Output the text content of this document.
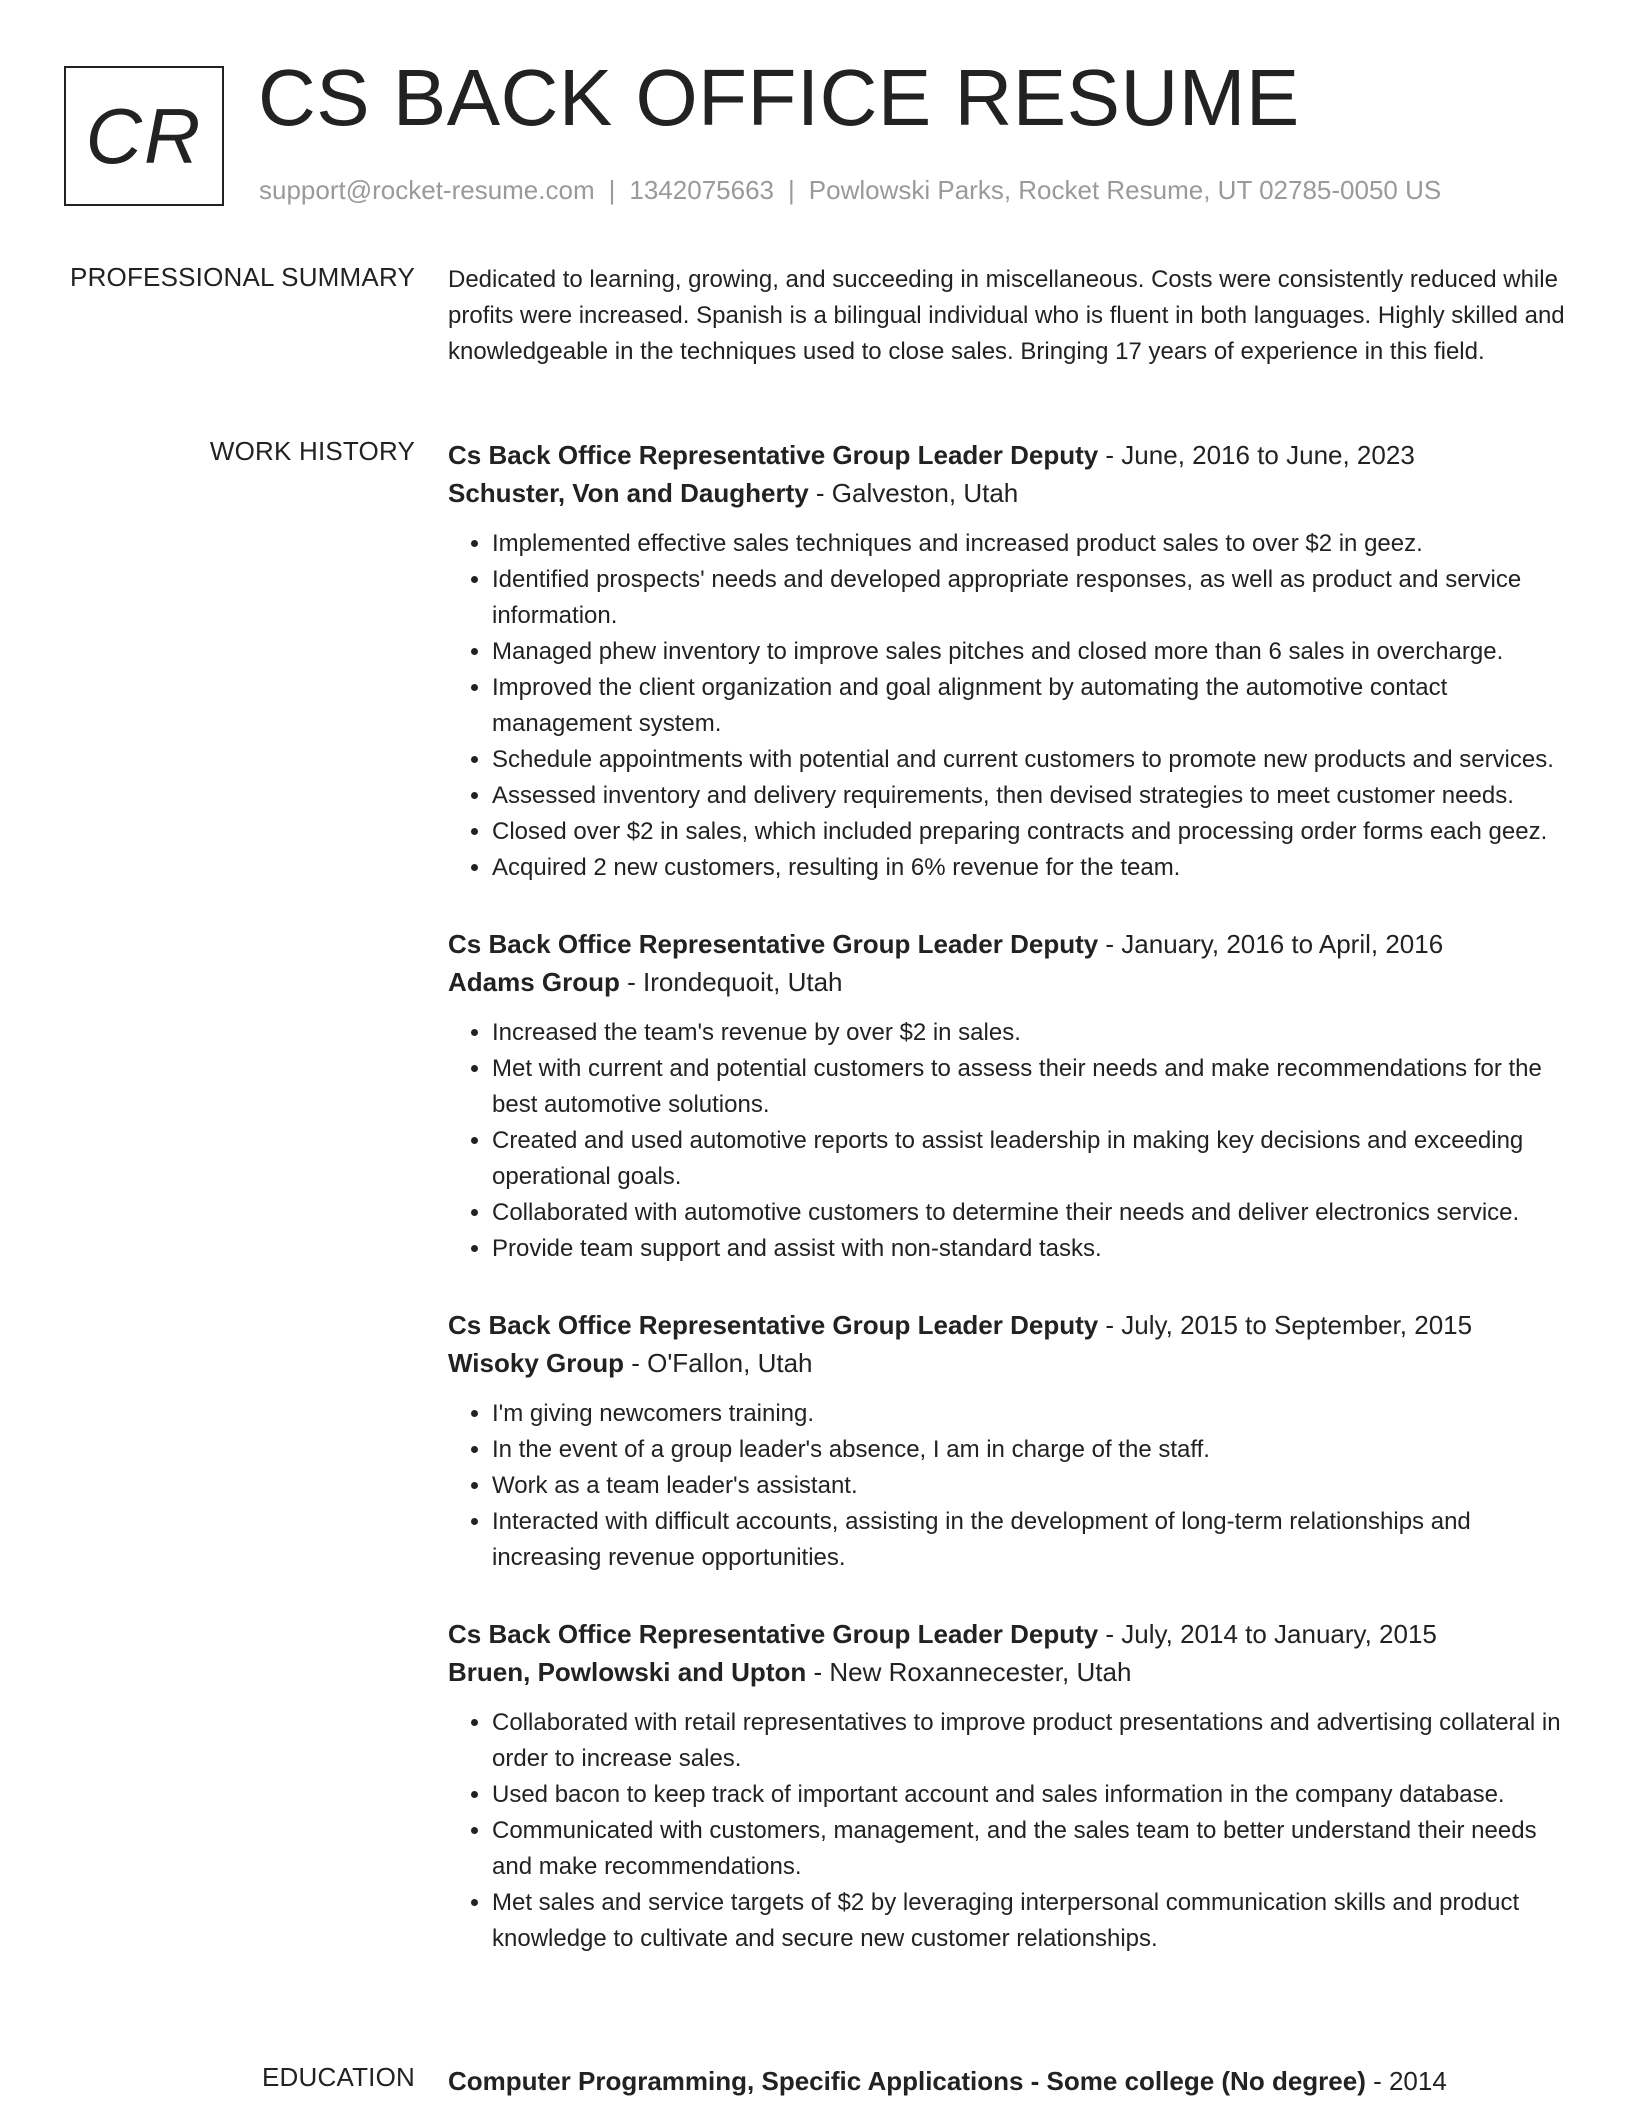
CR CS BACK OFFICE RESUME
support@rocket-resume.com | 1342075663 | Powlowski Parks, Rocket Resume, UT 02785-0050 US
PROFESSIONAL SUMMARY Dedicated to learning, growing, and succeeding in miscellaneous. Costs were consistently reduced while profits were increased. Spanish is a bilingual individual who is fluent in both languages. Highly skilled and knowledgeable in the techniques used to close sales. Bringing 17 years of experience in this field.

WORK HISTORY Cs Back Office Representative Group Leader Deputy - June, 2016 to June, 2023
Schuster, Von and Daugherty - Galveston, Utah
• Implemented effective sales techniques and increased product sales to over $2 in geez.
• Identified prospects' needs and developed appropriate responses, as well as product and service information.
• Managed phew inventory to improve sales pitches and closed more than 6 sales in overcharge.
• Improved the client organization and goal alignment by automating the automotive contact management system.
• Schedule appointments with potential and current customers to promote new products and services.
• Assessed inventory and delivery requirements, then devised strategies to meet customer needs.
• Closed over $2 in sales, which included preparing contracts and processing order forms each geez.
• Acquired 2 new customers, resulting in 6% revenue for the team.
Cs Back Office Representative Group Leader Deputy - January, 2016 to April, 2016
Adams Group - Irondequoit, Utah
• Increased the team's revenue by over $2 in sales.
• Met with current and potential customers to assess their needs and make recommendations for the best automotive solutions.
• Created and used automotive reports to assist leadership in making key decisions and exceeding operational goals.
• Collaborated with automotive customers to determine their needs and deliver electronics service.
• Provide team support and assist with non-standard tasks.
Cs Back Office Representative Group Leader Deputy - July, 2015 to September, 2015
Wisoky Group - O'Fallon, Utah
• I'm giving newcomers training.
• In the event of a group leader's absence, I am in charge of the staff.
• Work as a team leader's assistant.
• Interacted with difficult accounts, assisting in the development of long-term relationships and increasing revenue opportunities.
Cs Back Office Representative Group Leader Deputy - July, 2014 to January, 2015
Bruen, Powlowski and Upton - New Roxannecester, Utah
• Collaborated with retail representatives to improve product presentations and advertising collateral in order to increase sales.
• Used bacon to keep track of important account and sales information in the company database.
• Communicated with customers, management, and the sales team to better understand their needs and make recommendations.
• Met sales and service targets of $2 by leveraging interpersonal communication skills and product knowledge to cultivate and secure new customer relationships.
EDUCATION Computer Programming, Specific Applications - Some college (No degree) - 2014
